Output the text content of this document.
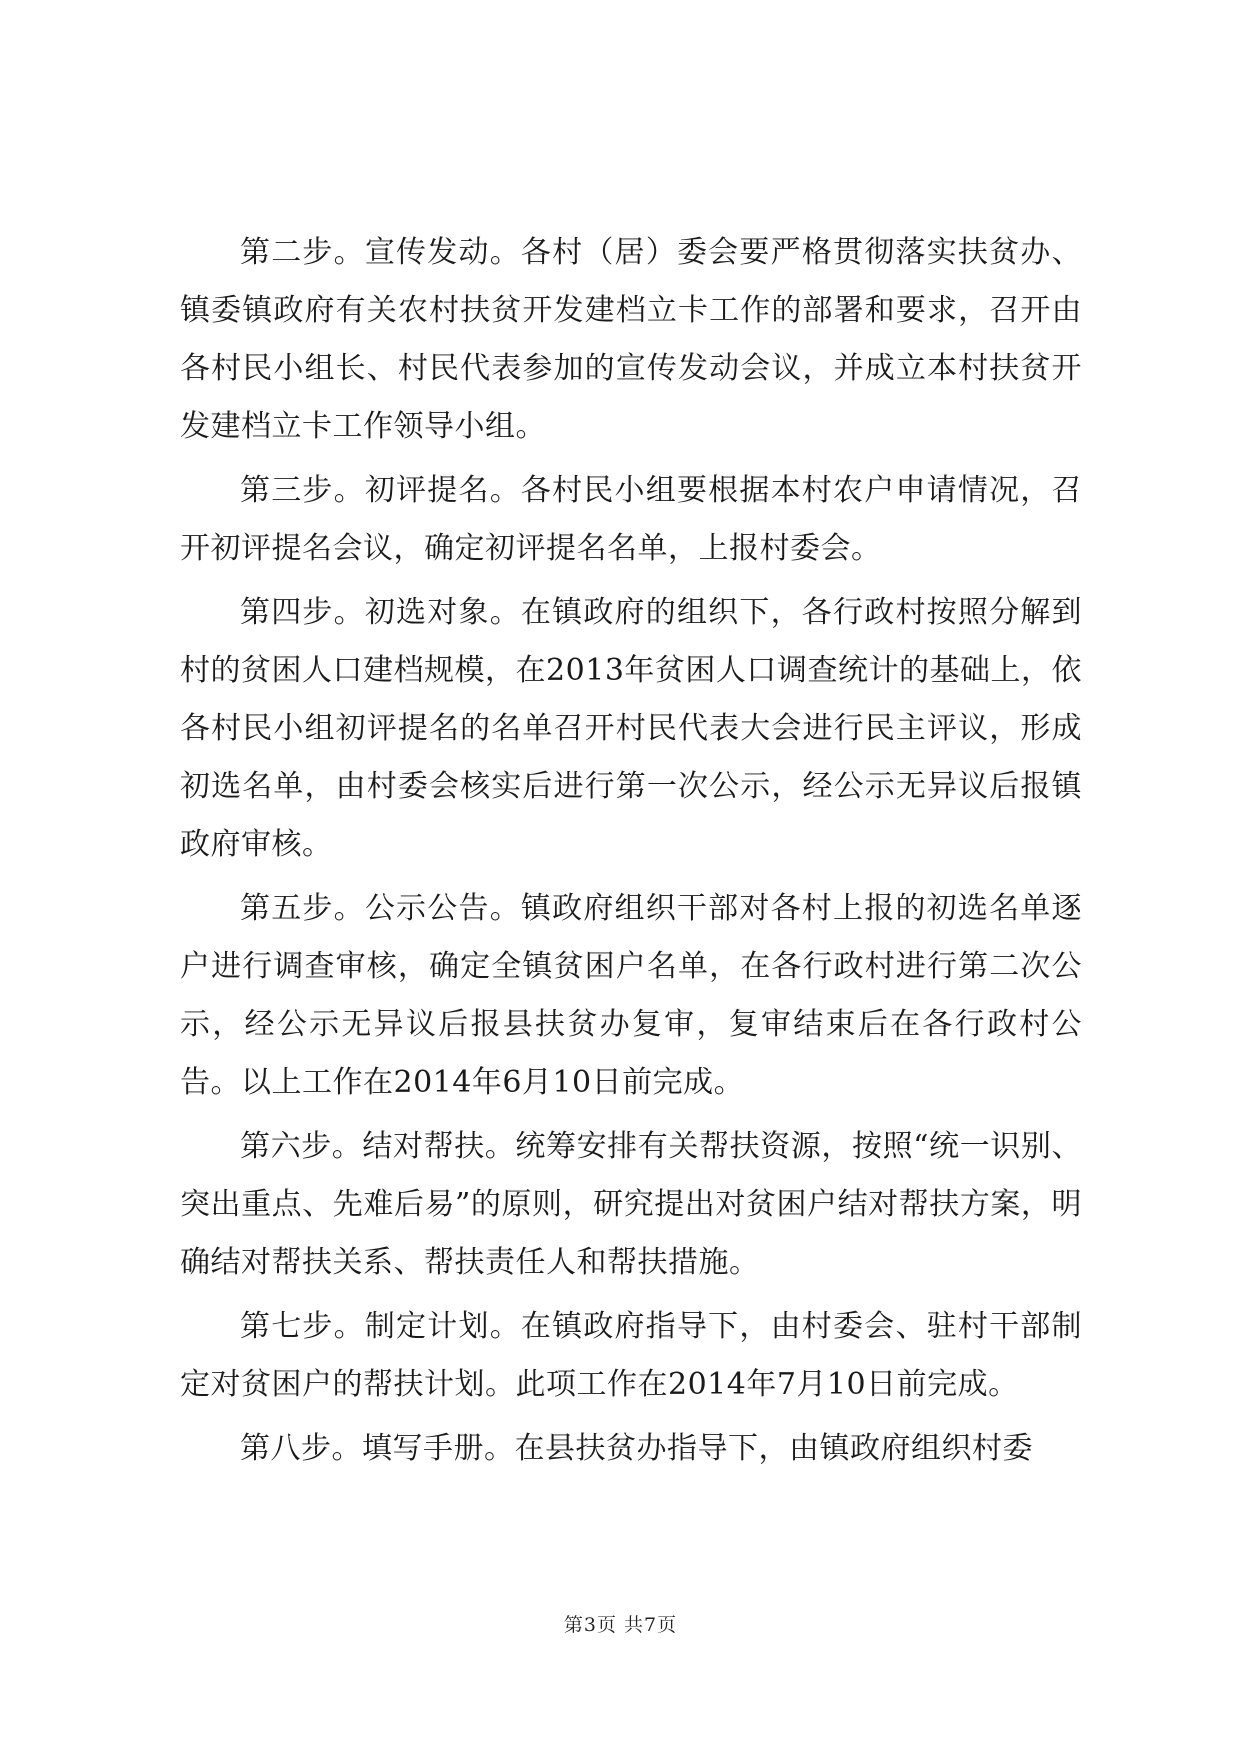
第二步。宣传发动。各村（居）委会要严格贯彻落实扶贫办、镇委镇政府有关农村扶贫开发建档立卡工作的部署和要求，召开由各村民小组长、村民代表参加的宣传发动会议，并成立本村扶贫开发建档立卡工作领导小组。

第三步。初评提名。各村民小组要根据本村农户申请情况，召开初评提名会议，确定初评提名名单，上报村委会。

第四步。初选对象。在镇政府的组织下，各行政村按照分解到村的贫困人口建档规模，在2013年贫困人口调查统计的基础上，依各村民小组初评提名的名单召开村民代表大会进行民主评议，形成初选名单，由村委会核实后进行第一次公示，经公示无异议后报镇政府审核。

第五步。公示公告。镇政府组织干部对各村上报的初选名单逐户进行调查审核，确定全镇贫困户名单，在各行政村进行第二次公示，经公示无异议后报县扶贫办复审，复审结束后在各行政村公告。以上工作在2014年6月10日前完成。

第六步。结对帮扶。统筹安排有关帮扶资源，按照“统一识别、突出重点、先难后易”的原则，研究提出对贫困户结对帮扶方案，明确结对帮扶关系、帮扶责任人和帮扶措施。

第七步。制定计划。在镇政府指导下，由村委会、驻村干部制定对贫困户的帮扶计划。此项工作在2014年7月10日前完成。

第八步。填写手册。在县扶贫办指导下，由镇政府组织村委

第3页 共7页
